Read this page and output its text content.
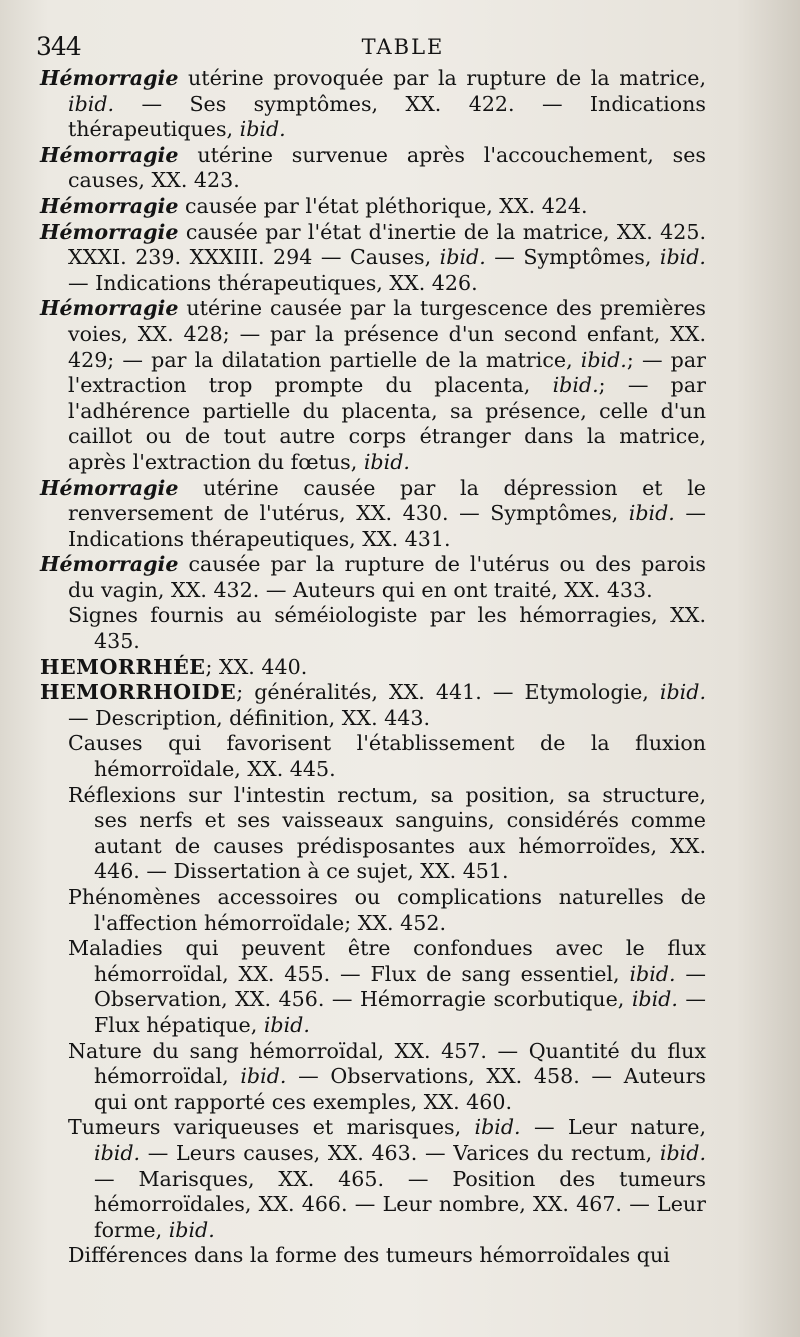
344	TABLE

Hémorragie utérine provoquée par la rupture de la matrice, ibid. — Ses symptômes, XX. 422. — Indications thérapeutiques, ibid.

Hémorragie utérine survenue après l'accouchement, ses causes, XX. 423.

Hémorragie causée par l'état pléthorique, XX. 424.

Hémorragie causée par l'état d'inertie de la matrice, XX. 425. XXXI. 239. XXXIII. 294 — Causes, ibid. — Symptômes, ibid. — Indications thérapeutiques, XX. 426.

Hémorragie utérine causée par la turgescence des premières voies, XX. 428; — par la présence d'un second enfant, XX. 429; — par la dilatation partielle de la matrice, ibid.; — par l'extraction trop prompte du placenta, ibid.; — par l'adhérence partielle du placenta, sa présence, celle d'un caillot ou de tout autre corps étranger dans la matrice, après l'extraction du fœtus, ibid.

Hémorragie utérine causée par la dépression et le renversement de l'utérus, XX. 430. — Symptômes, ibid. — Indications thérapeutiques, XX. 431.

Hémorragie causée par la rupture de l'utérus ou des parois du vagin, XX. 432. — Auteurs qui en ont traité, XX. 433.

Signes fournis au séméiologiste par les hémorragies, XX. 435.

HEMORRHÉE; XX. 440.

HEMORRHOIDE; généralités, XX. 441. — Etymologie, ibid. — Description, définition, XX. 443.

Causes qui favorisent l'établissement de la fluxion hémorroïdale, XX. 445.

Réflexions sur l'intestin rectum, sa position, sa structure, ses nerfs et ses vaisseaux sanguins, considérés comme autant de causes prédisposantes aux hémorroïdes, XX. 446. — Dissertation à ce sujet, XX. 451.

Phénomènes accessoires ou complications naturelles de l'affection hémorroïdale; XX. 452.

Maladies qui peuvent être confondues avec le flux hémorroïdal, XX. 455. — Flux de sang essentiel, ibid. — Observation, XX. 456. — Hémorragie scorbutique, ibid. — Flux hépatique, ibid.

Nature du sang hémorroïdal, XX. 457. — Quantité du flux hémorroïdal, ibid. — Observations, XX. 458. — Auteurs qui ont rapporté ces exemples, XX. 460.

Tumeurs variqueuses et marisques, ibid. — Leur nature, ibid. — Leurs causes, XX. 463. — Varices du rectum, ibid. — Marisques, XX. 465. — Position des tumeurs hémorroïdales, XX. 466. — Leur nombre, XX. 467. — Leur forme, ibid.

Différences dans la forme des tumeurs hémorroïdales qui
